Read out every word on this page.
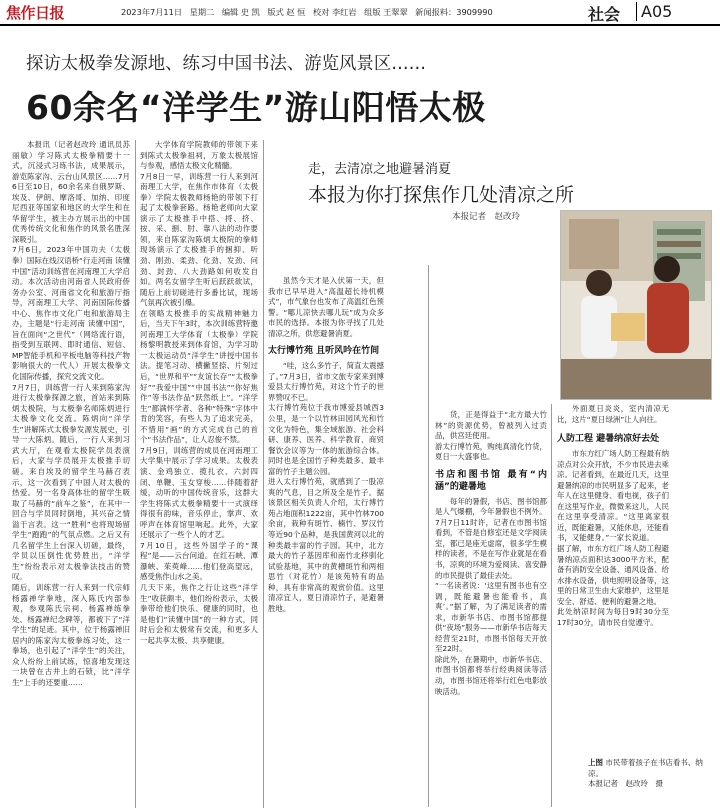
焦作日报	2023年7月11日 星期二 编辑 史 凯 版式 赵 恒 校对 李红岩 组版 王翠翠 新闻报料：3909990	社会	A05
探访太极拳发源地、练习中国书法、游览风景区……
60余名“洋学生”游山阳悟太极
本报讯（记者赵改玲 通讯员苏丽敏）学习陈式太极拳精要十一式，沉浸式习练书法，成果展示，游览陈家沟、云台山风景区……7月6日至10日，60余名来自俄罗斯、埃及、伊朗、摩洛哥、加纳、印度尼西亚等国家和地区的大学生和在华留学生，被主办方展示出的中国优秀传统文化和焦作的风景名胜深深吸引。
7月6日，2023年中国功夫（太极拳）国际在线汉语桥“行走河南 读懂中国”活动训练营在河南理工大学启动。本次活动由河南省人民政府侨务办公室、河南省文化和旅游厅指导，河南理工大学、河南国际传播中心、焦作市文化广电和旅游局主办，主题是“行走河南 读懂中国”，旨在面向“之世代”（网络流行语，指受到互联网、即时通信、短信、MP智能手机和平板电脑等科技产物影响很大的一代人）开展太极拳文化国际传播，探究交流文化。
7月7日，训练营一行人来到陈家沟进行太极拳探源之旅，首站来到陈炳太极院，与太极拳名师陈炳进行太极拳文化交流。陈炳向“洋学生”讲解陈式太极拳发源发展史，引导一大陈炳。随后，一行人来到习武大厅，在观看太极院学员表演后，大家与学员展开太极推手切磋。来自埃及的留学生马赫召表示，这一次看到了中国人对太极的热爱。另一名身高体壮的留学生吸取了马赫的“前车之鉴”，在其中一回合与学员同时倒地，其兴奋之情溢于言表。这一“胜利”也将现场留学生“跑跑”的气氛点燃。之后又有几名留学生上台深入切磋，最终，学员以压倒性优势胜出，“洋学生”纷纷表示对太极拳法技击的赞叹。
随后，训练营一行人来到一代宗师杨露禅学拳地，深入陈氏内部参观，参观陈氏宗祠、杨露禅练拳处、杨露禅纪念碑等，都被下了“洋学生”的足迹。其中，位于杨露禅旧居内的陈家沟太极拳练习处，这一拳场，也引起了“洋学生”的关注，众人纷纷上前试练，惊喜地发现这一块曾在古井上的石锁，比“洋学生”上手的还要重……
大学体育学院教师的带领下来到陈式太极拳祖祠，万象太极展馆与参观，感悟太极文化精髓。
7月8日一早，训练营一行人来到河南理工大学，在焦作市体育（太极拳）学院太极教师杨艳的带领下打起了太极拳套路。杨艳老师向大家演示了太极推手中搭、捋、挤、按、采、捌、肘、靠八法的动作要领，来自陈家沟陈炳太极院的拳师现场演示了太极推手的捆抑、听劲、刚劲、柔劲、化劲、发劲、问劲、封劲、八大劲路如何收发自如。两名女留学生听后跃跃欲试，随后上前切磋进行多番比试，现场气氛再次被引爆。
在领略太极推手的实战精神魅力后，当天下午3时，本次训练营特邀河南理工大学体育（太极拳）学院杨黎明教授来到体育馆，为学习助一太极运动员“洋学生”讲授中国书法。提笔习动、横撇竖捺、片刻过后，“世界和平”“友谊长存”“太极拳好”“我爱中国”“中国书法”“你好焦作”等书法作品“跃然纸上”。“洋学生”都满怀学者、各种“特殊”字体中肯的笑容，有些人为了追求完美，不惜用“画”的方式完成自己的首个“书法作品”，让人忍俊不禁。
7月9日，训练营的成员在河南理工大学集中展示了学习成果。太极表演、金鸡独立、揽扎衣、六封四闭、单鞭、玉女穿梭……伴随着舒缓，动听的中国传统音乐，这群大学生将陈式太极拳精要十一式演绎得很有韵味，音乐停止，掌声、欢呼声在体育馆里响起。此外，大家还展示了一些个人的才艺。
7月10日，这些外国学子的“课程”是——云台问道。在红石峡、潭瀑峡、茱萸峰……他们登高望远，感受焦作山水之美。
几天下来，焦作之行让这些“洋学生”收获颇丰，他们纷纷表示，太极拳带给他们快乐、健康的同时，也是他们“读懂中国”的一种方式，同时后会和太极常有交流，和更多人一起共享太极、共享健康。
走，去清凉之地避暑消夏
本报为你打探焦作几处清凉之所
本报记者　赵改玲
虽然今天才是入伏第一天，但我市已早早进入“高温超长待机模式”，市气象台也发布了高温红色预警。“哪儿凉快去哪儿玩”成为众多市民的选择。本报为你寻找了几处清凉之所，供您避暑消夏。
太行博竹苑 且听风吟在竹间
“哇，这么多竹子，简直太震撼了。”7月3日，省市文旅专家来到博爱县太行博竹苑，对这个竹子的世界赞叹不已。
太行博竹苑位于我市博爱县城西3公里，是一个以竹林田园风光和竹文化为特色，集全域旅游、社会科研、康养、医养、科学教育、商贸餐饮会议等为一体的旅游综合体。同时也是全国竹子种类最多、最丰富的竹子主题公园。
进入太行博竹苑，就感到了一股凉爽的气息，目之所及全是竹子。据该景区相关负责人介绍，太行博竹苑占地面积1222亩，其中竹林700余亩，栽种有斑竹、楠竹、罗汉竹等近90个品种，是我国黄河以北的种类最丰富的竹子园。其中，北方最大的竹子基因库和南竹北移驯化试验基地，其中的黄槽斑竹和两相思竹（对花竹）是该苑特有的品种，具有非常高的观赏价值。这里清凉宜人，夏日清凉竹子，是避暑胜地。
货，正是得益于“北方最大竹林”的资源优势，曾被列入过贡品，供宫廷使用。
游太行博竹苑，购纯真清化竹货，夏日一大盛事也。
书店和图书馆 最有“内涵”的避暑地
每年的暑假，书店、图书馆都是人气爆棚，今年暑假也不例外。
7月7日11时许，记者在市图书馆看到，不管是自修室还是文学阅读室，都已是座无虚席，很多学生模样的读者，不是在写作业就是在看书，凉爽的环境为爱阅读、喜安静的市民提供了最佳去处。
“一名读者说：‘这里有图书也有空调，既能避暑也能看书，真爽’。”据了解，为了满足读者的需求，市新华书店、市图书馆都提供“夜场”服务——市新华书店每天经营至21时，市图书馆每天开放至22时。
除此外，在暑期中，市新华书店、市图书馆都将举行经典阅读等活动，市图书馆还将举行红色电影放映活动。
外面夏日炎炎，室内清凉无比，这片“夏日绿洲”让人向往。
人防工程 避暑纳凉好去处
市东方红广场人防工程最有纳凉点对公众开放，不少市民进去乘凉。记者看到，在最近几天，这里避暑纳凉的市民明显多了起来，老年人在这里健身、看电视，孩子们在这里写作业，微微来这儿，人民在这里享受清凉。“这里离家很近，既能避暑，又能休息，还能看书，又能健身。”一家长说道。
据了解，市东方红广场人防工程避暑纳凉点面积达3000平方米，配备有消防安全设备、通风设备、给水排水设备，供电照明设备等，这里的日常卫生由大家维护，这里是安全、舒适、便利的避暑之地。
此处纳凉时间为每日9时30分至17时30分，请市民自觉遵守。
上图 市民带着孩子在书店看书、纳凉。
本报记者　赵改玲　摄
